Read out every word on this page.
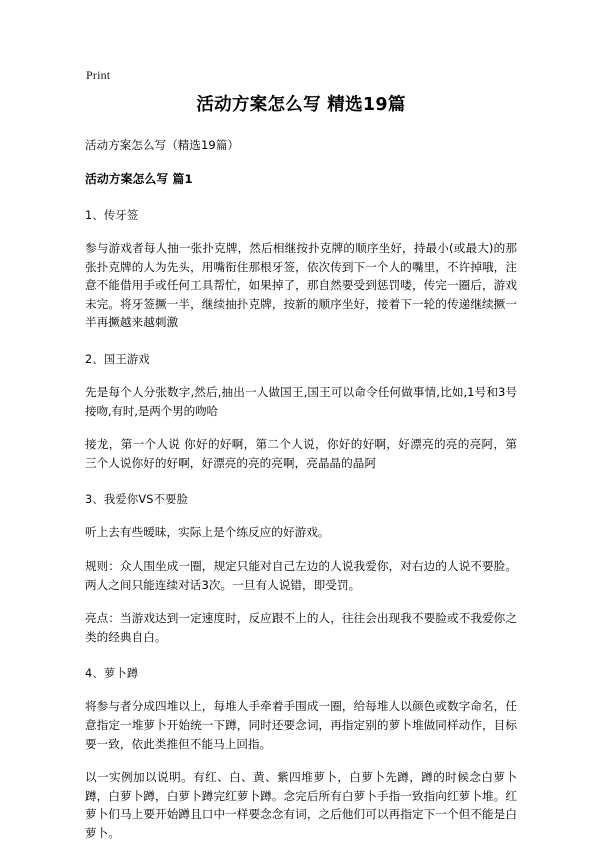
Print
活动方案怎么写 精选19篇

活动方案怎么写（精选19篇）

活动方案怎么写 篇1
1、传牙签

参与游戏者每人抽一张扑克牌，然后相继按扑克牌的顺序坐好，持最小(或最大)的那张扑克牌的人为先头，用嘴衔住那根牙签，依次传到下一个人的嘴里，不许掉哦，注意不能借用手或任何工具帮忙，如果掉了，那自然要受到惩罚喽，传完一圈后，游戏未完。将牙签撅一半，继续抽扑克牌，按新的顺序坐好，接着下一轮的传递继续撅一半再撅越来越刺激

2、国王游戏

先是每个人分张数字,然后,抽出一人做国王,国王可以命令任何做事情,比如,1号和3号接吻,有时,是两个男的吻哈

接龙，第一个人说 你好的好啊，第二个人说，你好的好啊，好漂亮的亮的亮阿，第三个人说你好的好啊，好漂亮的亮的亮啊，亮晶晶的晶阿

3、我爱你VS不要脸

听上去有些暧昧，实际上是个练反应的好游戏。

规则：众人围坐成一圈，规定只能对自己左边的人说我爱你，对右边的人说不要脸。两人之间只能连续对话3次。一旦有人说错，即受罚。

亮点：当游戏达到一定速度时，反应跟不上的人，往往会出现我不要脸或不我爱你之类的经典自白。

4、萝卜蹲

将参与者分成四堆以上，每堆人手牵着手围成一圈，给每堆人以颜色或数字命名，任意指定一堆萝卜开始统一下蹲，同时还要念词，再指定别的萝卜堆做同样动作，目标要一致，依此类推但不能马上回指。

以一实例加以说明。有红、白、黄、紫四堆萝卜，白萝卜先蹲，蹲的时候念白萝卜蹲，白萝卜蹲，白萝卜蹲完红萝卜蹲。念完后所有白萝卜手指一致指向红萝卜堆。红萝卜们马上要开始蹲且口中一样要念念有词，之后他们可以再指定下一个但不能是白萝卜。
